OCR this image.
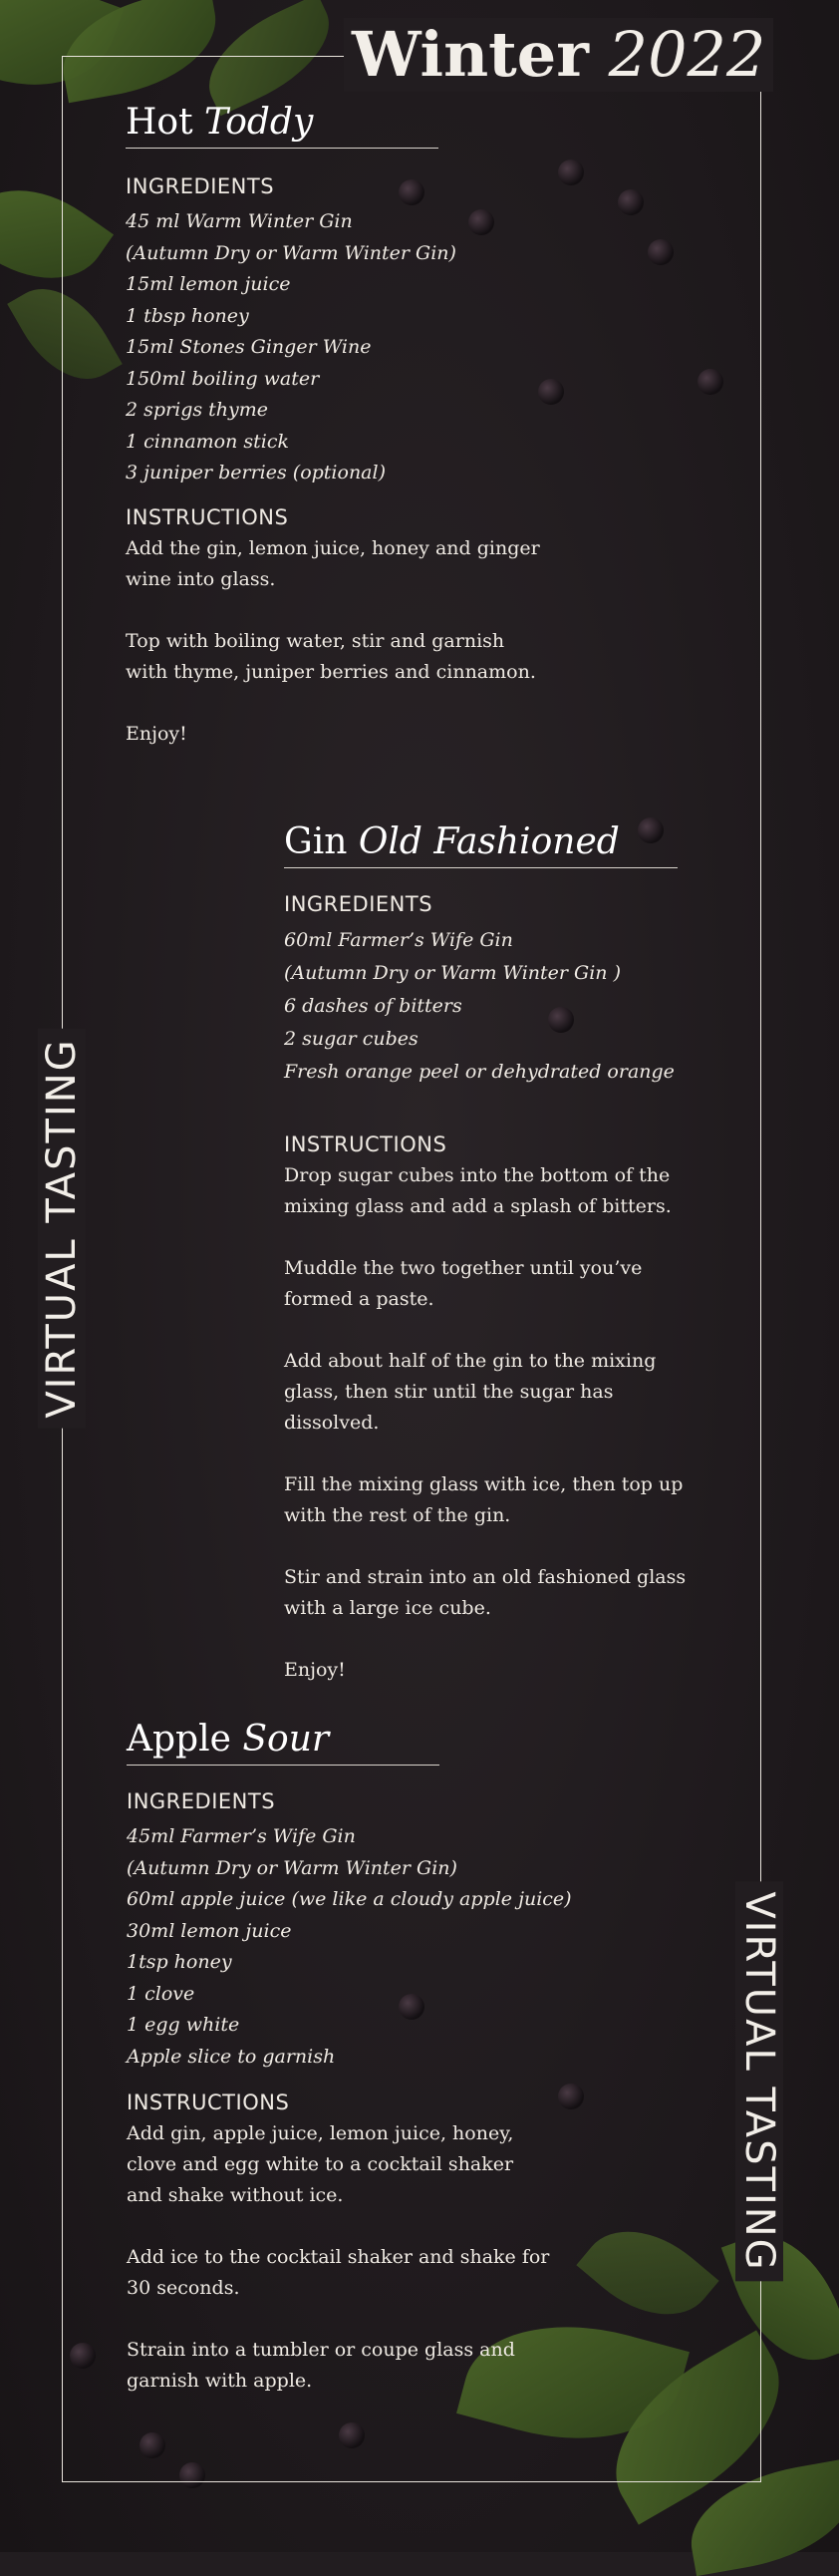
Winter 2022
VIRTUAL TASTING
VIRTUAL TASTING
Hot Toddy
INGREDIENTS
45 ml Warm Winter Gin
(Autumn Dry or Warm Winter Gin)
15ml lemon juice
1 tbsp honey
15ml Stones Ginger Wine
150ml boiling water
2 sprigs thyme
1 cinnamon stick
3 juniper berries (optional)
INSTRUCTIONS

Add the gin, lemon juice, honey and ginger
wine into glass.

Top with boiling water, stir and garnish
with thyme, juniper berries and cinnamon.

Enjoy!

Gin Old Fashioned
INGREDIENTS
60ml Farmer’s Wife Gin
(Autumn Dry or Warm Winter Gin )
6 dashes of bitters
2 sugar cubes
Fresh orange peel or dehydrated orange
INSTRUCTIONS

Drop sugar cubes into the bottom of the
mixing glass and add a splash of bitters.

Muddle the two together until you’ve
formed a paste.

Add about half of the gin to the mixing
glass, then stir until the sugar has dissolved.

Fill the mixing glass with ice, then top up
with the rest of the gin.

Stir and strain into an old fashioned glass
with a large ice cube.

Enjoy!

Apple Sour
INGREDIENTS
45ml Farmer’s Wife Gin
(Autumn Dry or Warm Winter Gin)
60ml apple juice (we like a cloudy apple juice)
30ml lemon juice
1tsp honey
1 clove
1 egg white
Apple slice to garnish
INSTRUCTIONS

Add gin, apple juice, lemon juice, honey,
clove and egg white to a cocktail shaker
and shake without ice.

Add ice to the cocktail shaker and shake for
30 seconds.

Strain into a tumbler or coupe glass and
garnish with apple.
